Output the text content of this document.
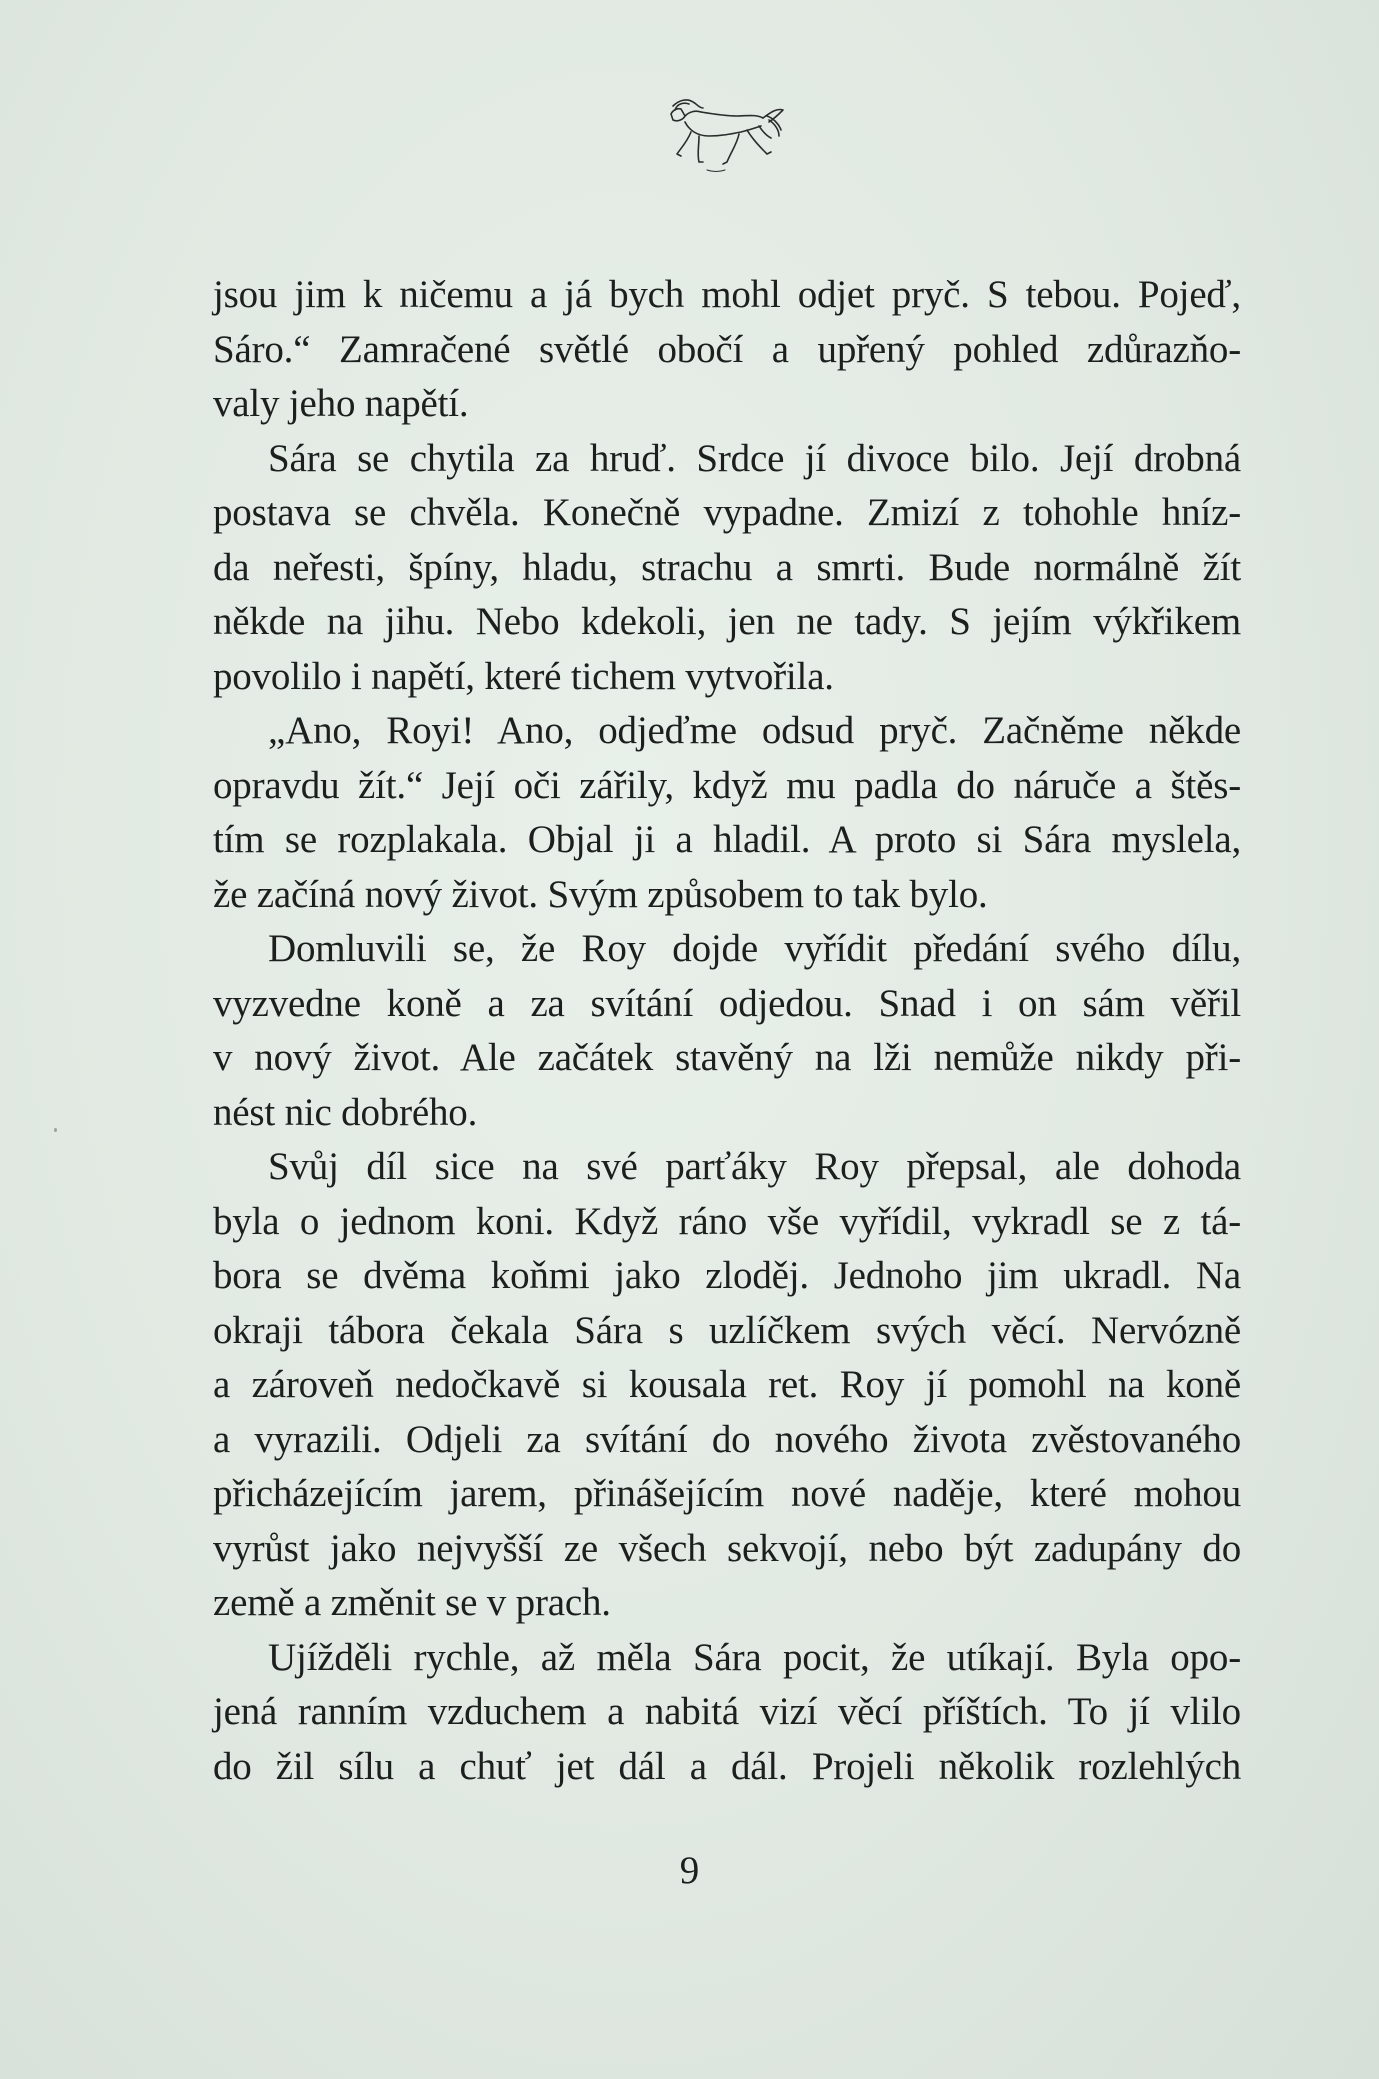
jsou jim k ničemu a já bych mohl odjet pryč. S tebou. Pojeď,
Sáro.“ Zamračené světlé obočí a upřený pohled zdůrazňo-
valy jeho napětí.
Sára se chytila za hruď. Srdce jí divoce bilo. Její drobná
postava se chvěla. Konečně vypadne. Zmizí z tohohle hníz-
da neřesti, špíny, hladu, strachu a smrti. Bude normálně žít
někde na jihu. Nebo kdekoli, jen ne tady. S jejím výkřikem
povolilo i napětí, které tichem vytvořila.
„Ano, Royi! Ano, odjeďme odsud pryč. Začněme někde
opravdu žít.“ Její oči zářily, když mu padla do náruče a štěs-
tím se rozplakala. Objal ji a hladil. A proto si Sára myslela,
že začíná nový život. Svým způsobem to tak bylo.
Domluvili se, že Roy dojde vyřídit předání svého dílu,
vyzvedne koně a za svítání odjedou. Snad i on sám věřil
v nový život. Ale začátek stavěný na lži nemůže nikdy při-
nést nic dobrého.
Svůj díl sice na své parťáky Roy přepsal, ale dohoda
byla o jednom koni. Když ráno vše vyřídil, vykradl se z tá-
bora se dvěma koňmi jako zloděj. Jednoho jim ukradl. Na
okraji tábora čekala Sára s uzlíčkem svých věcí. Nervózně
a zároveň nedočkavě si kousala ret. Roy jí pomohl na koně
a vyrazili. Odjeli za svítání do nového života zvěstovaného
přicházejícím jarem, přinášejícím nové naděje, které mohou
vyrůst jako nejvyšší ze všech sekvojí, nebo být zadupány do
země a změnit se v prach.
Ujížděli rychle, až měla Sára pocit, že utíkají. Byla opo-
jená ranním vzduchem a nabitá vizí věcí příštích. To jí vlilo
do žil sílu a chuť jet dál a dál. Projeli několik rozlehlých
9
